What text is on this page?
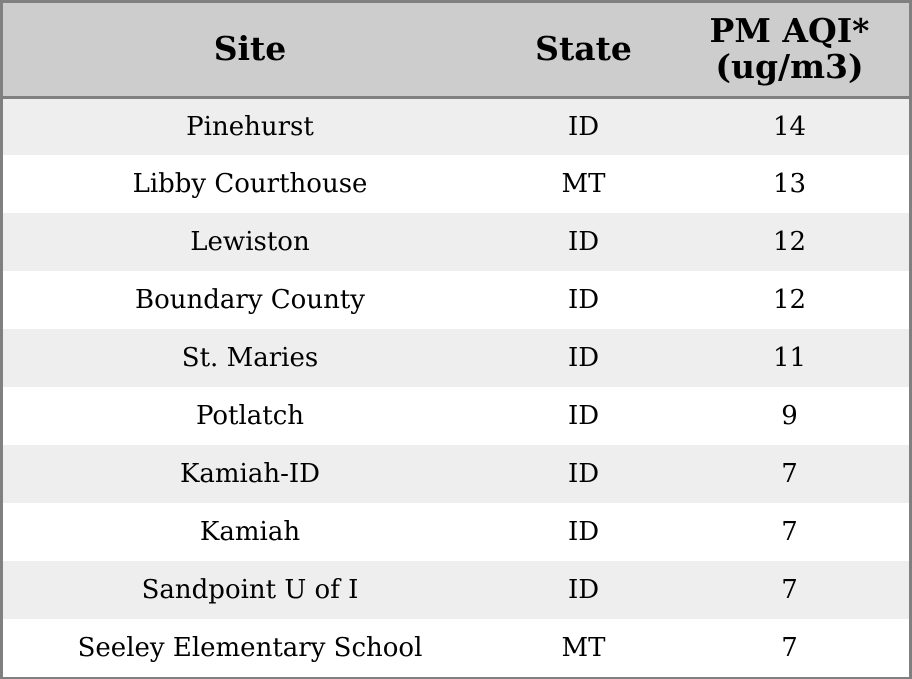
Site	State	PM AQI*
(ug/m3)

Pinehurst	ID	14
Libby Courthouse	MT	13
Lewiston	ID	12
Boundary County	ID	12
St. Maries	ID	11
Potlatch	ID	9
Kamiah-ID	ID	7
Kamiah	ID	7
Sandpoint U of I	ID	7
Seeley Elementary School	MT	7
